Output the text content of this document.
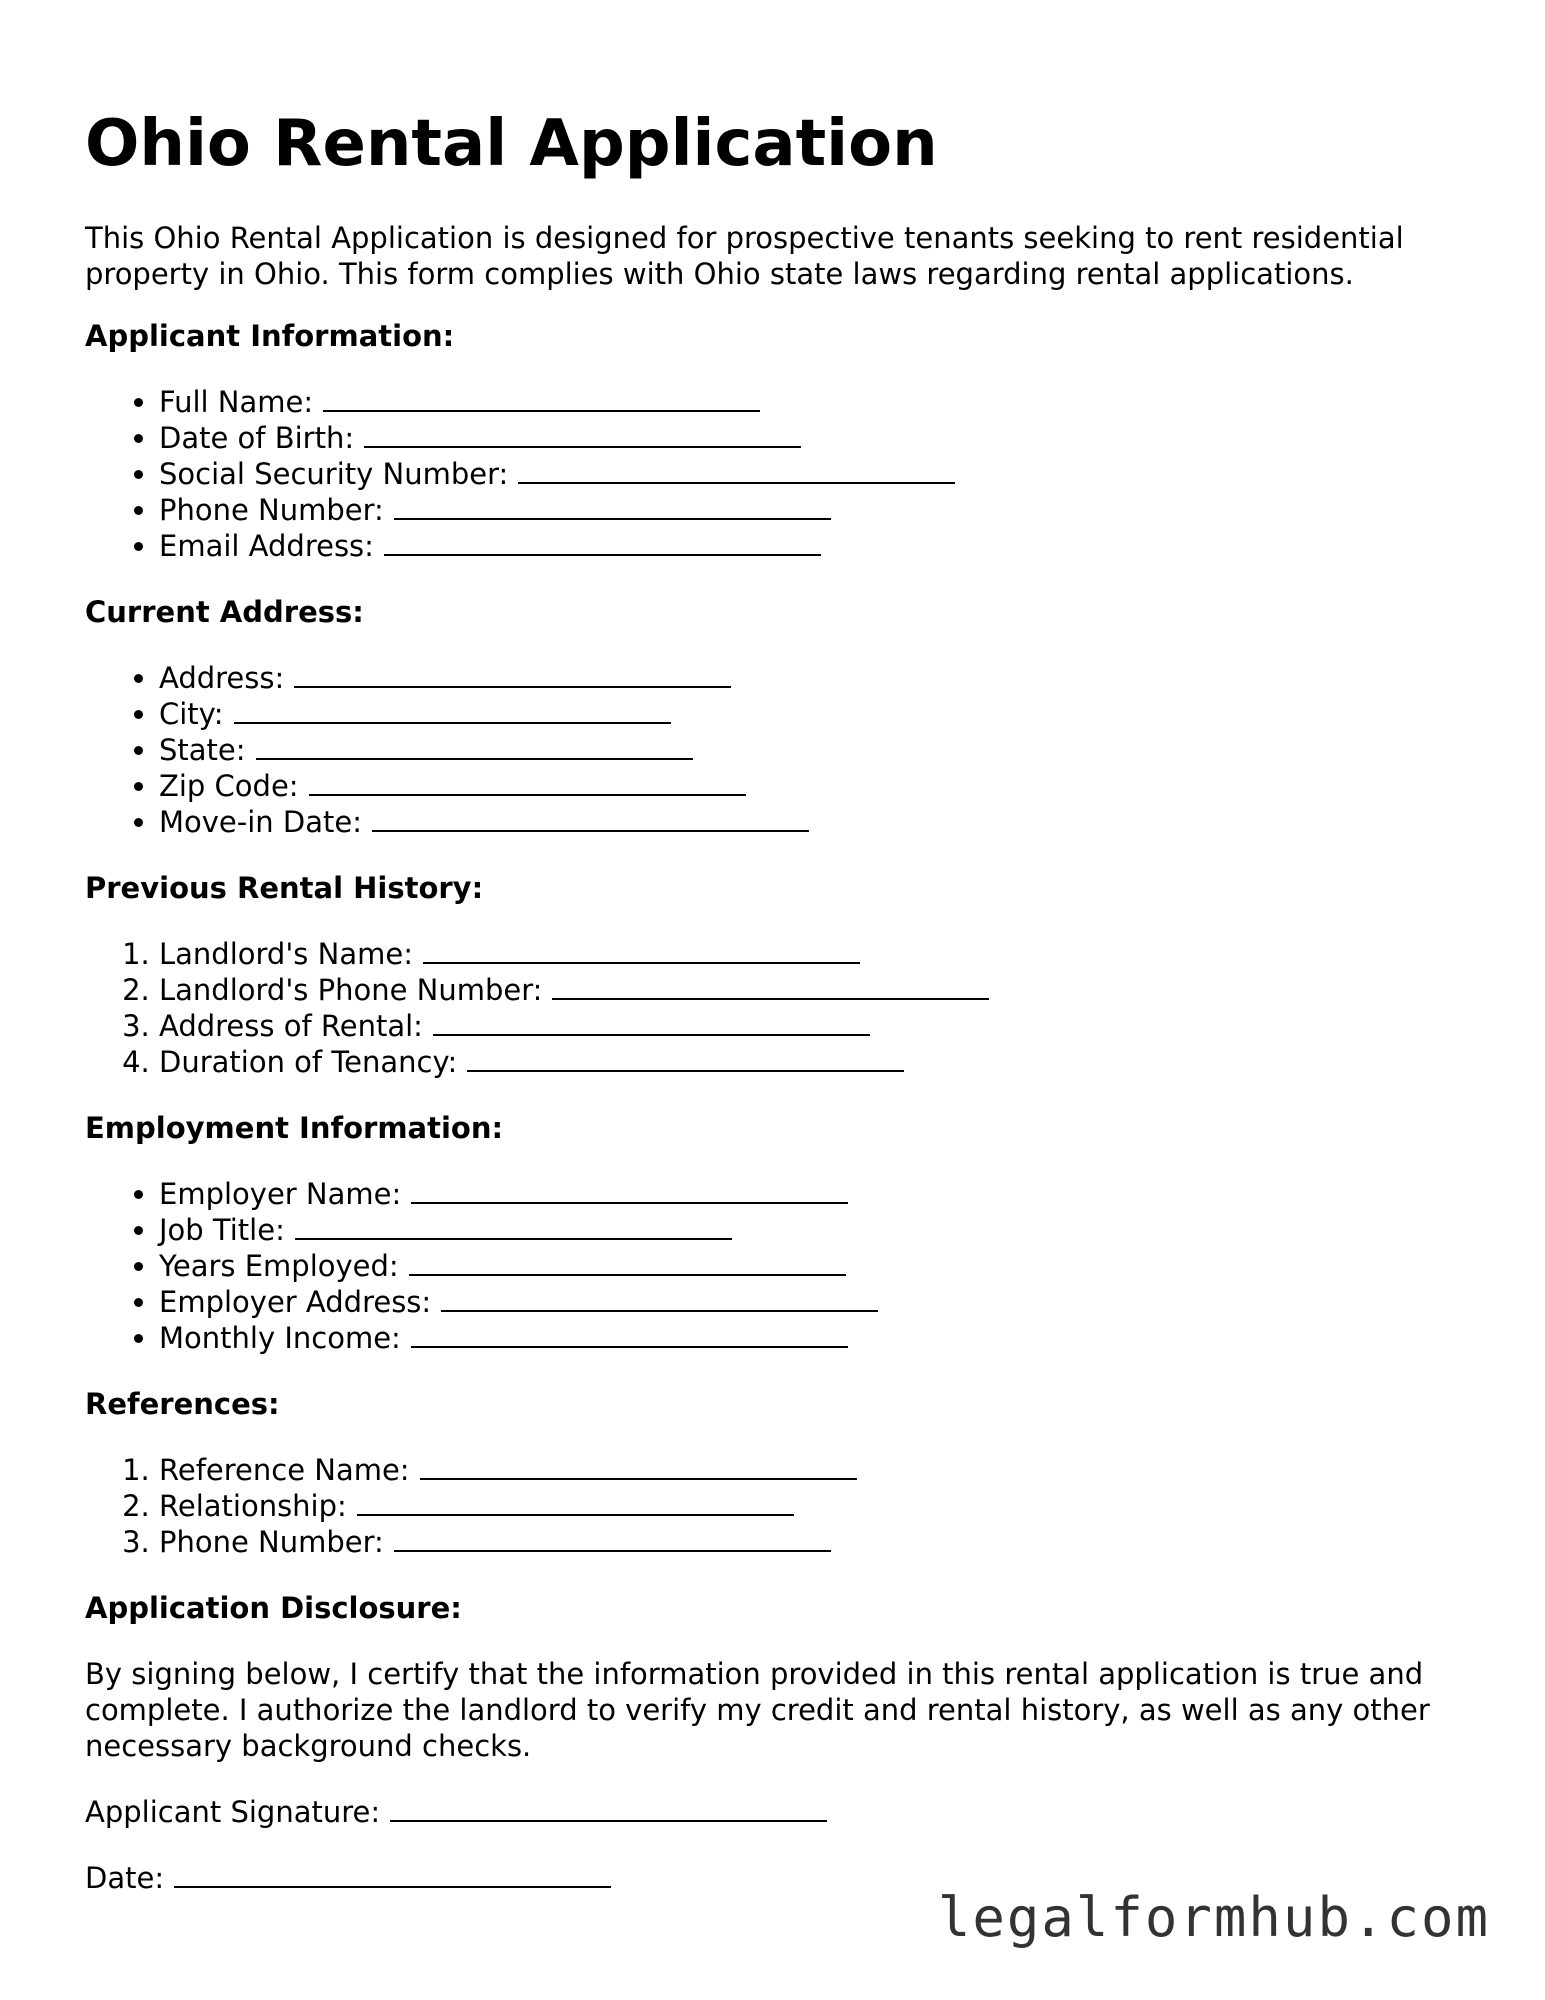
Ohio Rental Application

This Ohio Rental Application is designed for prospective tenants seeking to rent residential property in Ohio. This form complies with Ohio state laws regarding rental applications.

Applicant Information:
• Full Name:
• Date of Birth:
• Social Security Number:
• Phone Number:
• Email Address:
Current Address:
• Address:
• City:
• State:
• Zip Code:
• Move-in Date:
Previous Rental History:
1. Landlord's Name:
2. Landlord's Phone Number:
3. Address of Rental:
4. Duration of Tenancy:
Employment Information:
• Employer Name:
• Job Title:
• Years Employed:
• Employer Address:
• Monthly Income:
References:
1. Reference Name:
2. Relationship:
3. Phone Number:
Application Disclosure:

By signing below, I certify that the information provided in this rental application is true and complete. I authorize the landlord to verify my credit and rental history, as well as any other necessary background checks.

Applicant Signature:
Date:
legalformhub.com
